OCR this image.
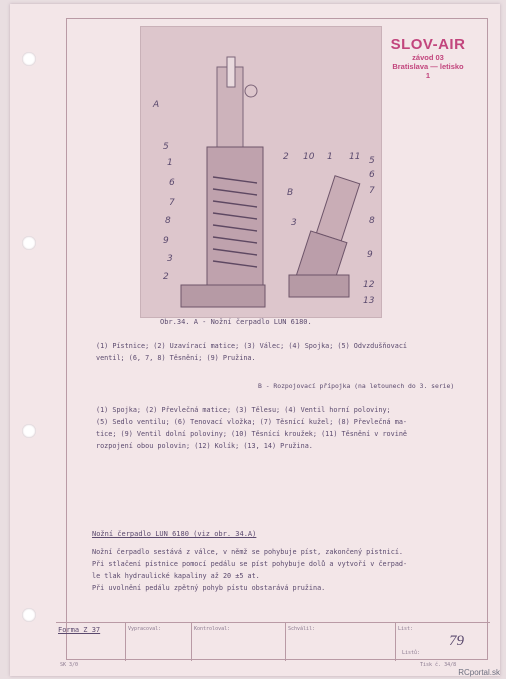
SLOV-AIR
závod 03
Bratislava — letisko
1
A
B
5
1
6
7
8
9
3
2
2 10 1 11 5
6
7
8
9
12
13
3
Obr.34. A - Nožní čerpadlo LUN 6180.
(1) Pístnice; (2) Uzavírací matice; (3) Válec; (4) Spojka; (5) Odvzdušňovací
ventil; (6, 7, 8) Těsnění; (9) Pružina.
B - Rozpojovací přípojka (na letounech do 3. serie)
(1) Spojka; (2) Převlečná matice; (3) Tělesu; (4) Ventil horní poloviny;
(5) Sedlo ventilu; (6) Tenovací vložka; (7) Těsnící kužel; (8) Převlečná ma-
tice; (9) Ventil dolní poloviny; (10) Těsnící kroužek; (11) Těsnění v rovině
rozpojení obou polovin; (12) Kolík; (13, 14) Pružina.
Nožní čerpadlo LUN 6180 (viz obr. 34.A)
Nožní čerpadlo sestává z válce, v němž se pohybuje píst, zakončený pístnicí.
Při stlačení pístnice pomocí pedálu se píst pohybuje dolů a vytvoří v čerpad-
le tlak hydraulické kapaliny až 20 ±5 at.
Při uvolnění pedálu zpětný pohyb pístu obstarává pružina.
Forma Z 37	Vypracoval:	Kontroloval:	Schválil:	List:
79
Listů:
SK 3/0	Tisk č. 34/8
RCportal.sk
